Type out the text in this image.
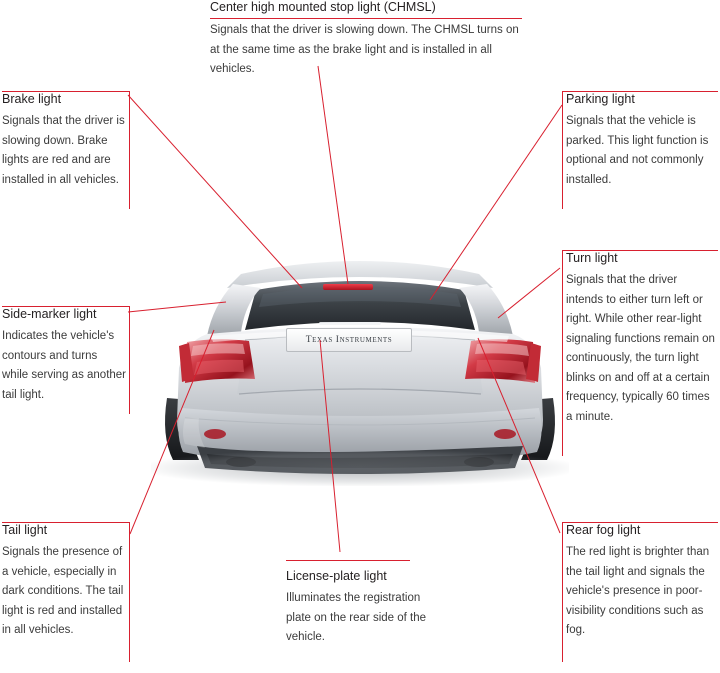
Texas Instruments
Center high mounted stop light (CHMSL)
Signals that the driver is slowing down. The CHMSL turns on at the same time as the brake light and is installed in all vehicles.
Brake light
Signals that the driver is slowing down. Brake lights are red and are installed in all vehicles.
Parking light
Signals that the vehicle is parked. This light function is optional and not commonly installed.
Side-marker light
Indicates the vehicle's contours and turns while serving as another tail light.
Turn light
Signals that the driver intends to either turn left or right. While other rear-light signaling functions remain on continuously, the turn light blinks on and off at a certain frequency, typically 60 times a minute.
Tail light
Signals the presence of a vehicle, especially in dark conditions. The tail light is red and installed in all vehicles.
License-plate light
Illuminates the registration plate on the rear side of the vehicle.
Rear fog light
The red light is brighter than the tail light and signals the vehicle's presence in poor-visibility conditions such as fog.
